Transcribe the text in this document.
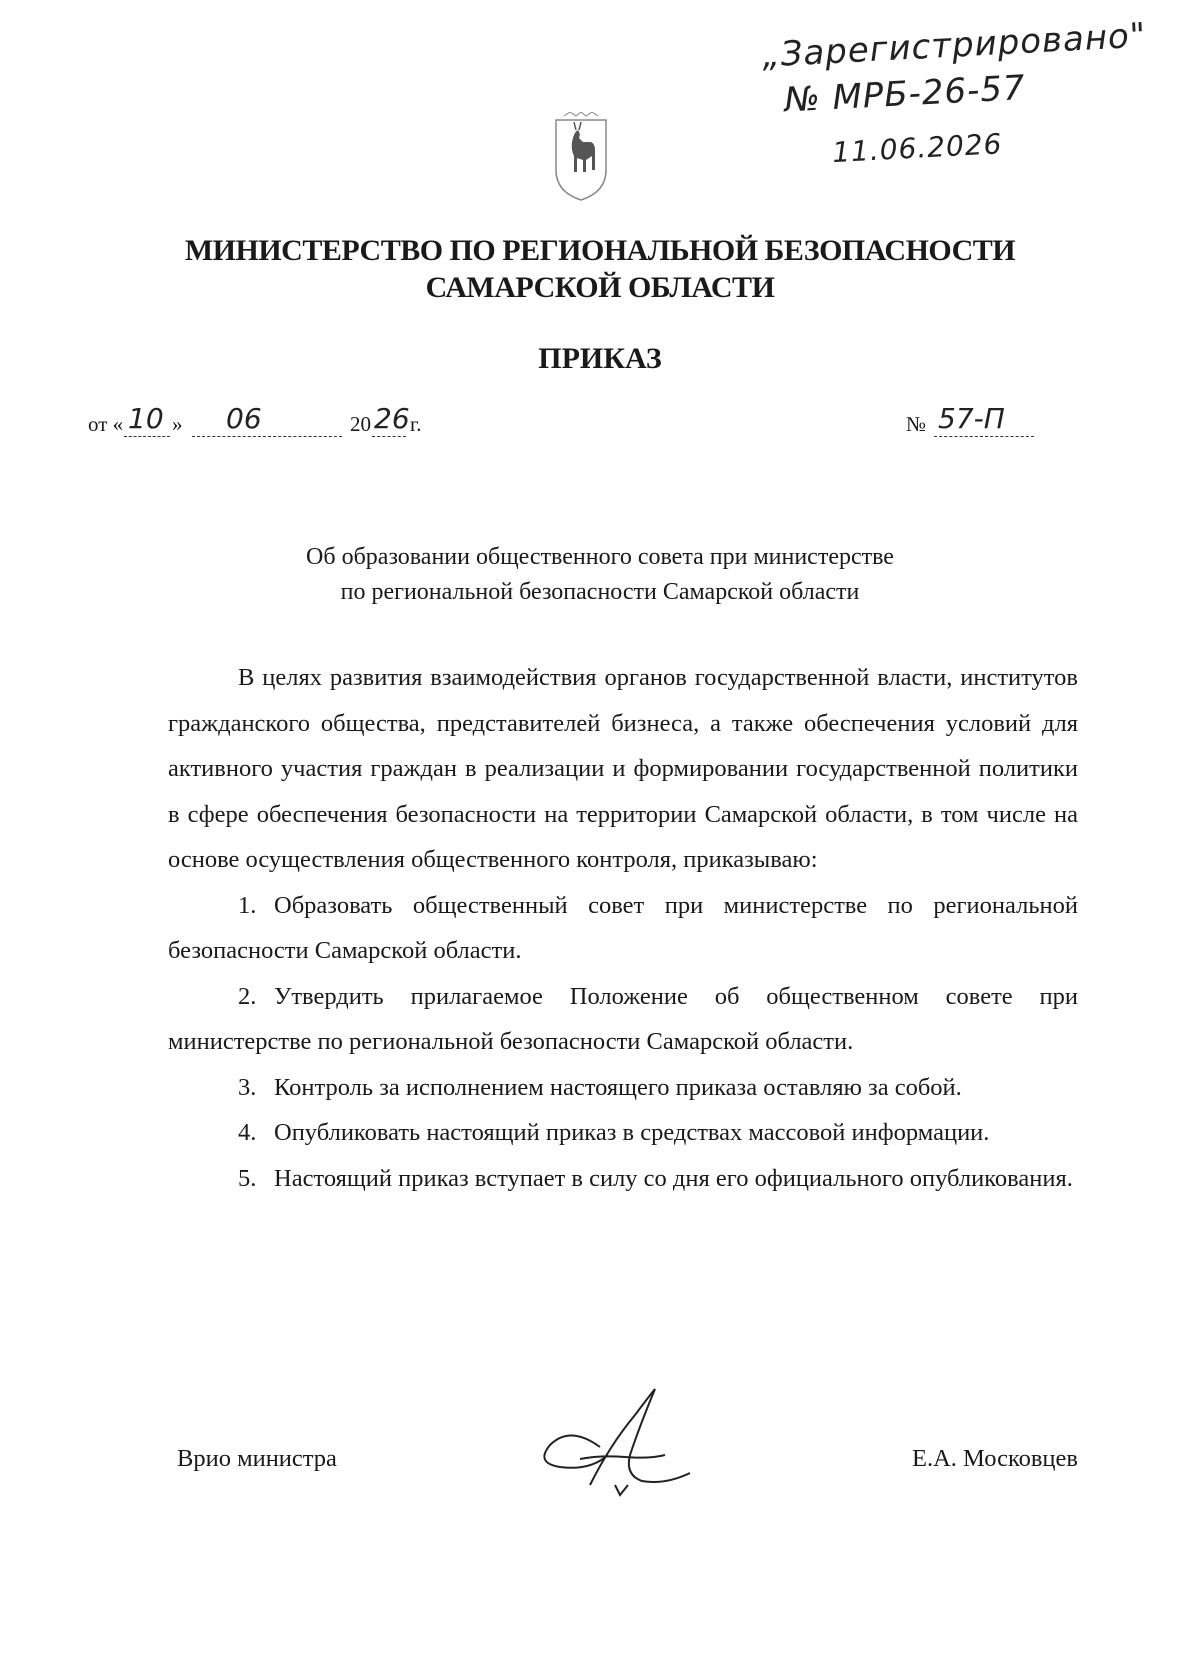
„Зарегистрировано"
№ МРБ-26-57
11.06.2026
МИНИСТЕРСТВО ПО РЕГИОНАЛЬНОЙ БЕЗОПАСНОСТИ
САМАРСКОЙ ОБЛАСТИ
ПРИКАЗ
от « 10 » 06	20 26 г.	№ 57-П
Об образовании общественного совета при министерстве
по региональной безопасности Самарской области

В целях развития взаимодействия органов государственной власти, институтов гражданского общества, представителей бизнеса, а также обеспечения условий для активного участия граждан в реализации и формировании государственной политики в сфере обеспечения безопасности на территории Самарской области, в том числе на основе осуществления общественного контроля, приказываю:

1. Образовать общественный совет при министерстве по региональной безопасности Самарской области.

2. Утвердить прилагаемое Положение об общественном совете при министерстве по региональной безопасности Самарской области.

3. Контроль за исполнением настоящего приказа оставляю за собой.

4. Опубликовать настоящий приказ в средствах массовой информации.

5. Настоящий приказ вступает в силу со дня его официального опубликования.

Врио министра	Е.А. Московцев
